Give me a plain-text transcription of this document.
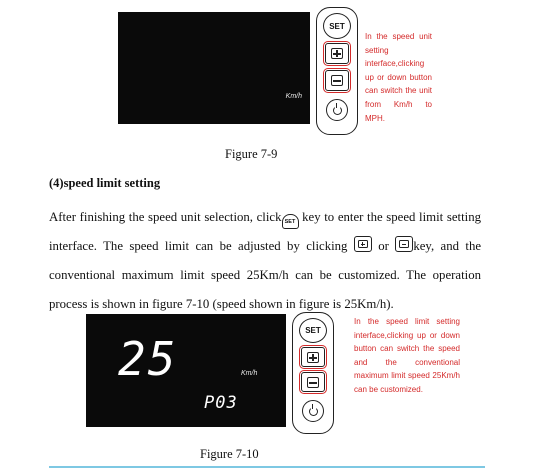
Km/h
SET
In the speed unit setting interface,clicking up or down button can switch the unit from Km/h to MPH.
Figure 7-9
(4)speed limit setting

After finishing the speed unit selection, click SET key to enter the speed limit setting interface. The speed limit can be adjusted by clicking or key, and the conventional maximum limit speed 25Km/h can be customized. The operation process is shown in figure 7-10 (speed shown in figure is 25Km/h).

25	Km/h
P03
SET
In the speed limit setting interface,clicking up or down button can switch the speed and the conventional maximum limit speed 25Km/h can be customized.
Figure 7-10
